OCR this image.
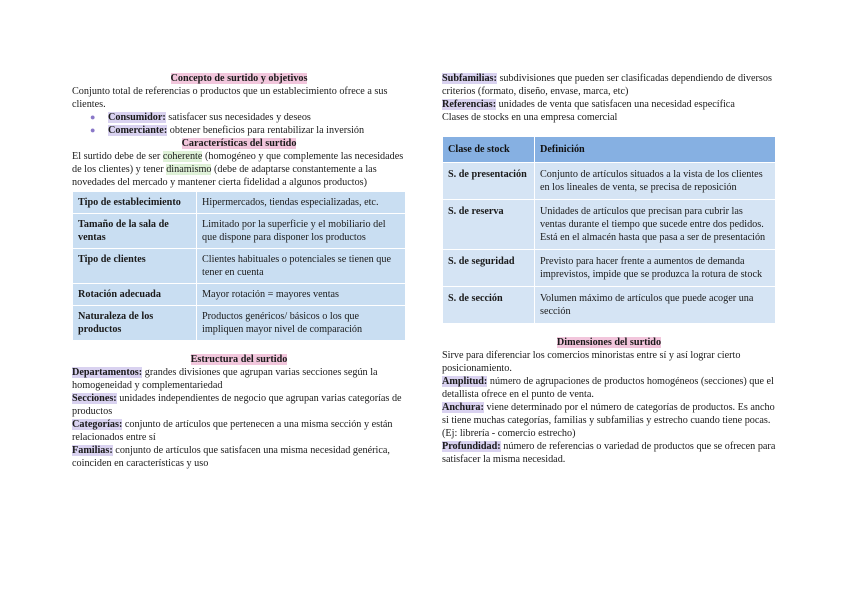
Concepto de surtido y objetivos

Conjunto total de referencias o productos que un establecimiento ofrece a sus clientes.

● Consumidor: satisfacer sus necesidades y deseos
● Comerciante: obtener beneficios para rentabilizar la inversión
Características del surtido

El surtido debe de ser coherente (homogéneo y que complemente las necesidades de los clientes) y tener dinamismo (debe de adaptarse constantemente a las novedades del mercado y mantener cierta fidelidad a algunos productos)

Tipo de establecimiento	Hipermercados, tiendas especializadas, etc.
Tamaño de la sala de ventas	Limitado por la superficie y el mobiliario del que dispone para disponer los productos
Tipo de clientes	Clientes habituales o potenciales se tienen que tener en cuenta
Rotación adecuada	Mayor rotación = mayores ventas
Naturaleza de los productos	Productos genéricos/ básicos o los que impliquen mayor nivel de comparación
Estructura del surtido

Departamentos: grandes divisiones que agrupan varias secciones según la homogeneidad y complementariedad

Secciones: unidades independientes de negocio que agrupan varias categorías de productos

Categorías: conjunto de artículos que pertenecen a una misma sección y están relacionados entre sí

Familias: conjunto de artículos que satisfacen una misma necesidad genérica, coinciden en características y uso

Subfamilias: subdivisiones que pueden ser clasificadas dependiendo de diversos criterios (formato, diseño, envase, marca, etc)

Referencias: unidades de venta que satisfacen una necesidad específica

Clases de stocks en una empresa comercial

Clase de stock	Definición
S. de presentación	Conjunto de artículos situados a la vista de los clientes en los lineales de venta, se precisa de reposición
S. de reserva	Unidades de artículos que precisan para cubrir las ventas durante el tiempo que sucede entre dos pedidos. Está en el almacén hasta que pasa a ser de presentación
S. de seguridad	Previsto para hacer frente a aumentos de demanda imprevistos, impide que se produzca la rotura de stock
S. de sección	Volumen máximo de artículos que puede acoger una sección
Dimensiones del surtido

Sirve para diferenciar los comercios minoristas entre sí y así lograr cierto posicionamiento.

Amplitud: número de agrupaciones de productos homogéneos (secciones) que el detallista ofrece en el punto de venta.

Anchura: viene determinado por el número de categorías de productos. Es ancho si tiene muchas categorías, familias y subfamilias y estrecho cuando tiene pocas. (Ej: librería - comercio estrecho)

Profundidad: número de referencias o variedad de productos que se ofrecen para satisfacer la misma necesidad.
